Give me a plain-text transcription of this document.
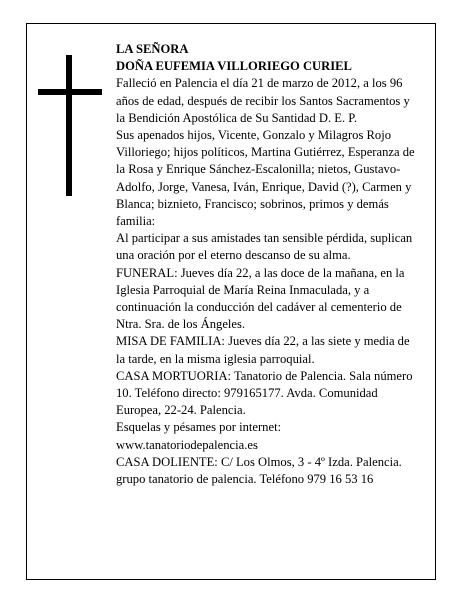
LA SEÑORA

DOÑA EUFEMIA VILLORIEGO CURIEL

Falleció en Palencia el día 21 de marzo de 2012, a los 96 años de edad, después de recibir los Santos Sacramentos y la Bendición Apostólica de Su Santidad D. E. P.

Sus apenados hijos, Vicente, Gonzalo y Milagros Rojo Villoriego; hijos políticos, Martina Gutiérrez, Esperanza de la Rosa y Enrique Sánchez-Escalonilla; nietos, Gustavo-Adolfo, Jorge, Vanesa, Iván, Enrique, David (?), Carmen y Blanca; biznieto, Francisco; sobrinos, primos y demás familia:

Al participar a sus amistades tan sensible pérdida, suplican una oración por el eterno descanso de su alma.

FUNERAL: Jueves día 22, a las doce de la mañana, en la Iglesia Parroquial de María Reina Inmaculada, y a continuación la conducción del cadáver al cementerio de Ntra. Sra. de los Ángeles.

MISA DE FAMILIA: Jueves día 22, a las siete y media de la tarde, en la misma iglesia parroquial.

CASA MORTUORIA: Tanatorio de Palencia. Sala número 10. Teléfono directo: 979165177. Avda. Comunidad Europea, 22-24. Palencia.

Esquelas y pésames por internet: www.tanatoriodepalencia.es

CASA DOLIENTE: C/ Los Olmos, 3 - 4º Izda. Palencia.

grupo tanatorio de palencia. Teléfono 979 16 53 16
